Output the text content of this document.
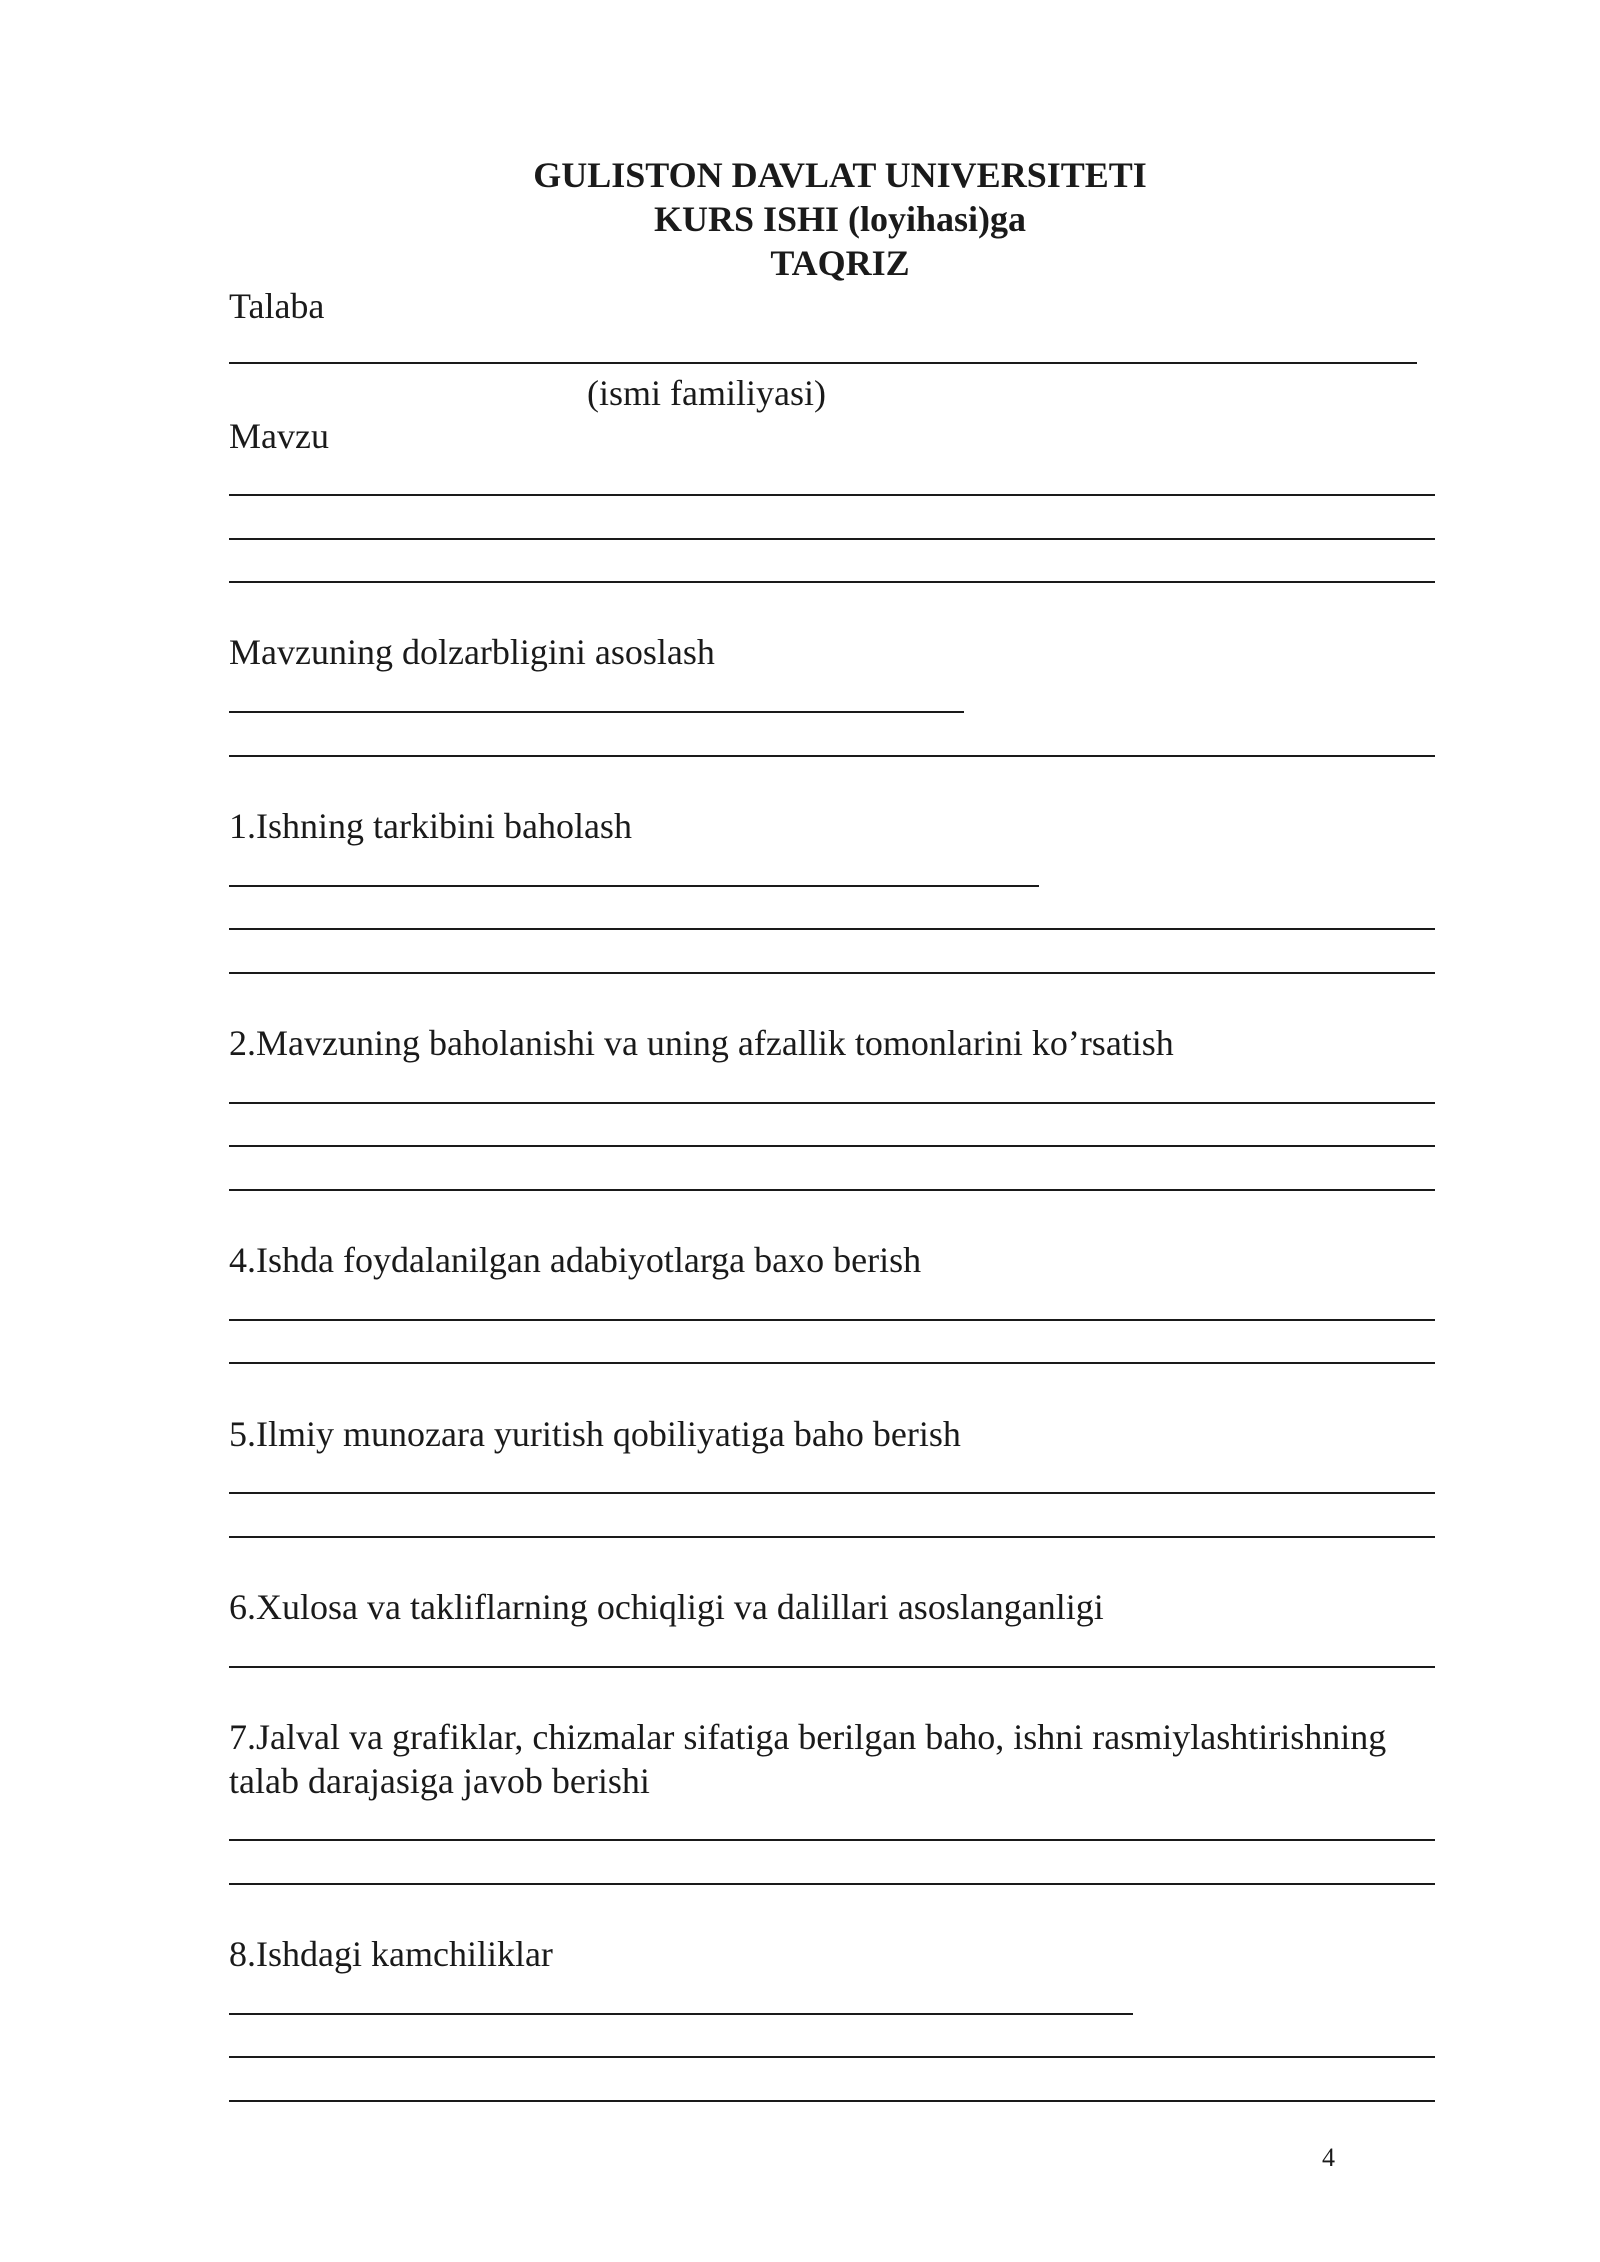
GULISTON DAVLAT UNIVERSITETI
KURS ISHI (loyihasi)ga
TAQRIZ
Talaba
(ismi familiyasi)
Mavzu
Mavzuning dolzarbligini asoslash
1.Ishning tarkibini baholash
2.Mavzuning baholanishi va uning afzallik tomonlarini ko’rsatish
4.Ishda foydalanilgan adabiyotlarga baxo berish
5.Ilmiy munozara yuritish qobiliyatiga baho berish
6.Xulosa va takliflarning ochiqligi va dalillari asoslanganligi
7.Jalval va grafiklar, chizmalar sifatiga berilgan baho, ishni rasmiylashtirishning talab darajasiga javob berishi
8.Ishdagi kamchiliklar
4
